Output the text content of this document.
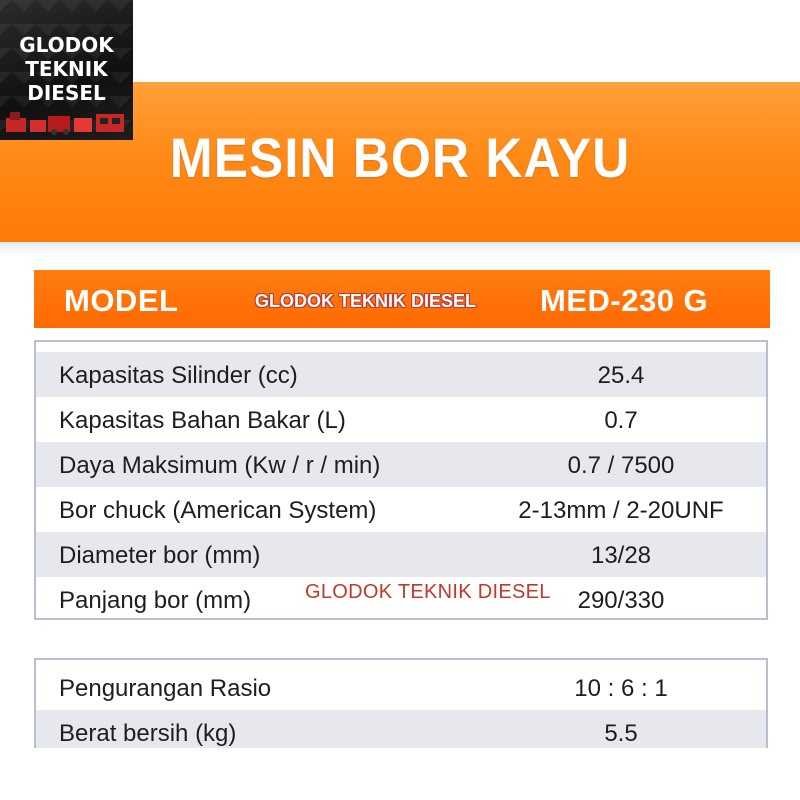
MESIN BOR KAYU
GLODOK
TEKNIK
DIESEL
MODEL	GLODOK TEKNIK DIESEL MED-230 G
Kapasitas Silinder (cc)	25.4
Kapasitas Bahan Bakar (L)	0.7
Daya Maksimum (Kw / r / min)	0.7 / 7500
Bor chuck (American System)	2-13mm / 2-20UNF
Diameter bor (mm)	13/28
Panjang bor (mm)	290/330
GLODOK TEKNIK DIESEL
Pengurangan Rasio	10 : 6 : 1
Berat bersih (kg)	5.5
